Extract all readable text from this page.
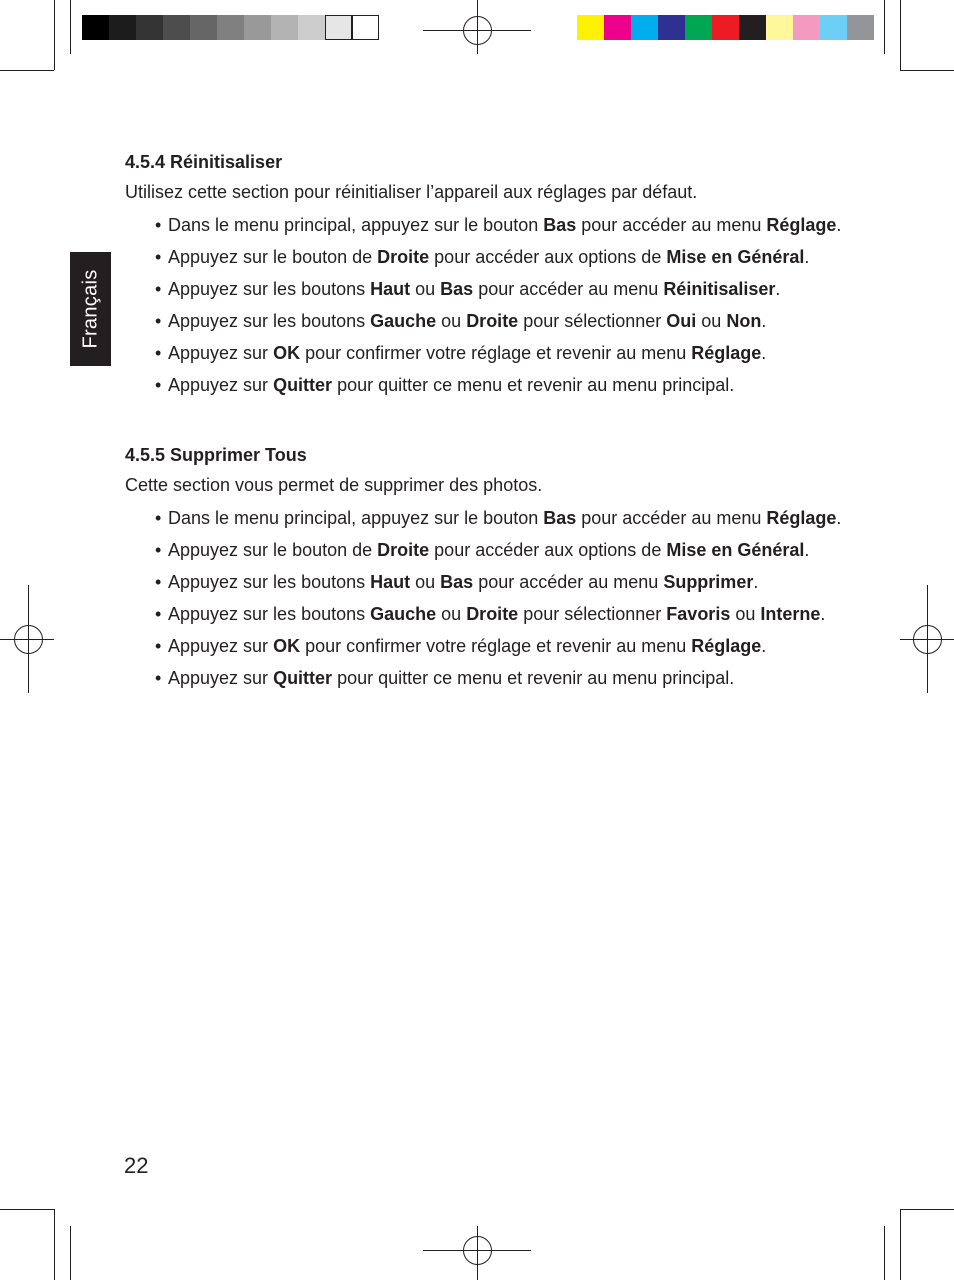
Français
4.5.4 Réinitisaliser

Utilisez cette section pour réinitialiser l’appareil aux réglages par défaut.

• Dans le menu principal, appuyez sur le bouton Bas pour accéder au menu Réglage.
• Appuyez sur le bouton de Droite pour accéder aux options de Mise en Général.
• Appuyez sur les boutons Haut ou Bas pour accéder au menu Réinitisaliser.
• Appuyez sur les boutons Gauche ou Droite pour sélectionner Oui ou Non.
• Appuyez sur OK pour confirmer votre réglage et revenir au menu Réglage.
• Appuyez sur Quitter pour quitter ce menu et revenir au menu principal.
4.5.5 Supprimer Tous

Cette section vous permet de supprimer des photos.

• Dans le menu principal, appuyez sur le bouton Bas pour accéder au menu Réglage.
• Appuyez sur le bouton de Droite pour accéder aux options de Mise en Général.
• Appuyez sur les boutons Haut ou Bas pour accéder au menu Supprimer.
• Appuyez sur les boutons Gauche ou Droite pour sélectionner Favoris ou Interne.
• Appuyez sur OK pour confirmer votre réglage et revenir au menu Réglage.
• Appuyez sur Quitter pour quitter ce menu et revenir au menu principal.
22
